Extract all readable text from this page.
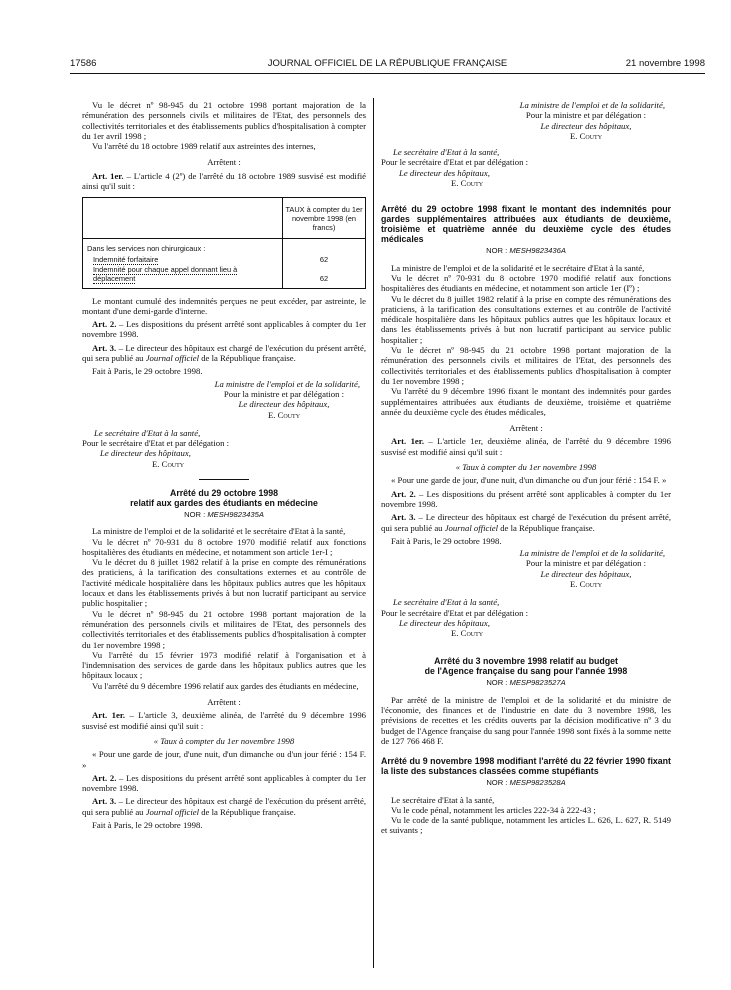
17586	JOURNAL OFFICIEL DE LA RÉPUBLIQUE FRANÇAISE	21 novembre 1998

Vu le décret nº 98-945 du 21 octobre 1998 portant majoration de la rémunération des personnels civils et militaires de l'Etat, des personnels des collectivités territoriales et des établissements publics d'hospitalisation à compter du 1er avril 1998 ;

Vu l'arrêté du 18 octobre 1989 relatif aux astreintes des internes,

Arrêtent :

Art. 1er. – L'article 4 (2º) de l'arrêté du 18 octobre 1989 susvisé est modifié ainsi qu'il suit :

TAUX à compter du 1er novembre 1998 (en francs)
Dans les services non chirurgicaux :
Indemnité forfaitaire	62
Indemnité pour chaque appel donnant lieu à déplacement	62

Le montant cumulé des indemnités perçues ne peut excéder, par astreinte, le montant d'une demi-garde d'interne.

Art. 2. – Les dispositions du présent arrêté sont applicables à compter du 1er novembre 1998.

Art. 3. – Le directeur des hôpitaux est chargé de l'exécution du présent arrêté, qui sera publié au Journal officiel de la République française.

Fait à Paris, le 29 octobre 1998.

La ministre de l'emploi et de la solidarité,
Pour la ministre et par délégation :
Le directeur des hôpitaux,
E. Couty
Le secrétaire d'Etat à la santé,
Pour le secrétaire d'Etat et par délégation :
Le directeur des hôpitaux,
E. Couty
Arrêté du 29 octobre 1998
relatif aux gardes des étudiants en médecine

NOR : MESH9823435A

La ministre de l'emploi et de la solidarité et le secrétaire d'Etat à la santé,

Vu le décret nº 70-931 du 8 octobre 1970 modifié relatif aux fonctions hospitalières des étudiants en médecine, et notamment son article 1er-I ;

Vu le décret du 8 juillet 1982 relatif à la prise en compte des rémunérations des praticiens, à la tarification des consultations externes et au contrôle de l'activité médicale hospitalière dans les hôpitaux publics autres que les hôpitaux locaux et dans les établissements privés à but non lucratif participant au service public hospitalier ;

Vu le décret nº 98-945 du 21 octobre 1998 portant majoration de la rémunération des personnels civils et militaires de l'Etat, des personnels des collectivités territoriales et des établissements publics d'hospitalisation à compter du 1er novembre 1998 ;

Vu l'arrêté du 15 février 1973 modifié relatif à l'organisation et à l'indemnisation des services de garde dans les hôpitaux publics autres que les hôpitaux locaux ;

Vu l'arrêté du 9 décembre 1996 relatif aux gardes des étudiants en médecine,

Arrêtent :

Art. 1er. – L'article 3, deuxième alinéa, de l'arrêté du 9 décembre 1996 susvisé est modifié ainsi qu'il suit :

« Taux à compter du 1er novembre 1998

« Pour une garde de jour, d'une nuit, d'un dimanche ou d'un jour férié : 154 F. »

Art. 2. – Les dispositions du présent arrêté sont applicables à compter du 1er novembre 1998.

Art. 3. – Le directeur des hôpitaux est chargé de l'exécution du présent arrêté, qui sera publié au Journal officiel de la République française.

Fait à Paris, le 29 octobre 1998.

La ministre de l'emploi et de la solidarité,
Pour la ministre et par délégation :
Le directeur des hôpitaux,
E. Couty
Le secrétaire d'Etat à la santé,
Pour le secrétaire d'Etat et par délégation :
Le directeur des hôpitaux,
E. Couty
Arrêté du 29 octobre 1998 fixant le montant des indemnités pour gardes supplémentaires attribuées aux étudiants de deuxième, troisième et quatrième année du deuxième cycle des études médicales

NOR : MESH9823436A

La ministre de l'emploi et de la solidarité et le secrétaire d'Etat à la santé,

Vu le décret nº 70-931 du 8 octobre 1970 modifié relatif aux fonctions hospitalières des étudiants en médecine, et notamment son article 1er (Iº) ;

Vu le décret du 8 juillet 1982 relatif à la prise en compte des rémunérations des praticiens, à la tarification des consultations externes et au contrôle de l'activité médicale hospitalière dans les hôpitaux publics autres que les hôpitaux locaux et dans les établissements privés à but non lucratif participant au service public hospitalier ;

Vu le décret nº 98-945 du 21 octobre 1998 portant majoration de la rémunération des personnels civils et militaires de l'Etat, des personnels des collectivités territoriales et des établissements publics d'hospitalisation à compter du 1er novembre 1998 ;

Vu l'arrêté du 9 décembre 1996 fixant le montant des indemnités pour gardes supplémentaires attribuées aux étudiants de deuxième, troisième et quatrième année du deuxième cycle des études médicales,

Arrêtent :

Art. 1er. – L'article 1er, deuxième alinéa, de l'arrêté du 9 décembre 1996 susvisé est modifié ainsi qu'il suit :

« Taux à compter du 1er novembre 1998

« Pour une garde de jour, d'une nuit, d'un dimanche ou d'un jour férié : 154 F. »

Art. 2. – Les dispositions du présent arrêté sont applicables à compter du 1er novembre 1998.

Art. 3. – Le directeur des hôpitaux est chargé de l'exécution du présent arrêté, qui sera publié au Journal officiel de la République française.

Fait à Paris, le 29 octobre 1998.

La ministre de l'emploi et de la solidarité,
Pour la ministre et par délégation :
Le directeur des hôpitaux,
E. Couty
Le secrétaire d'Etat à la santé,
Pour le secrétaire d'Etat et par délégation :
Le directeur des hôpitaux,
E. Couty
Arrêté du 3 novembre 1998 relatif au budget
de l'Agence française du sang pour l'année 1998

NOR : MESP9823527A

Par arrêté de la ministre de l'emploi et de la solidarité et du ministre de l'économie, des finances et de l'industrie en date du 3 novembre 1998, les prévisions de recettes et les crédits ouverts par la décision modificative nº 3 du budget de l'Agence française du sang pour l'année 1998 sont fixés à la somme nette de 127 766 468 F.

Arrêté du 9 novembre 1998 modifiant l'arrêté du 22 février 1990 fixant la liste des substances classées comme stupéfiants

NOR : MESP9823528A

Le secrétaire d'Etat à la santé,

Vu le code pénal, notamment les articles 222-34 à 222-43 ;

Vu le code de la santé publique, notamment les articles L. 626, L. 627, R. 5149 et suivants ;
